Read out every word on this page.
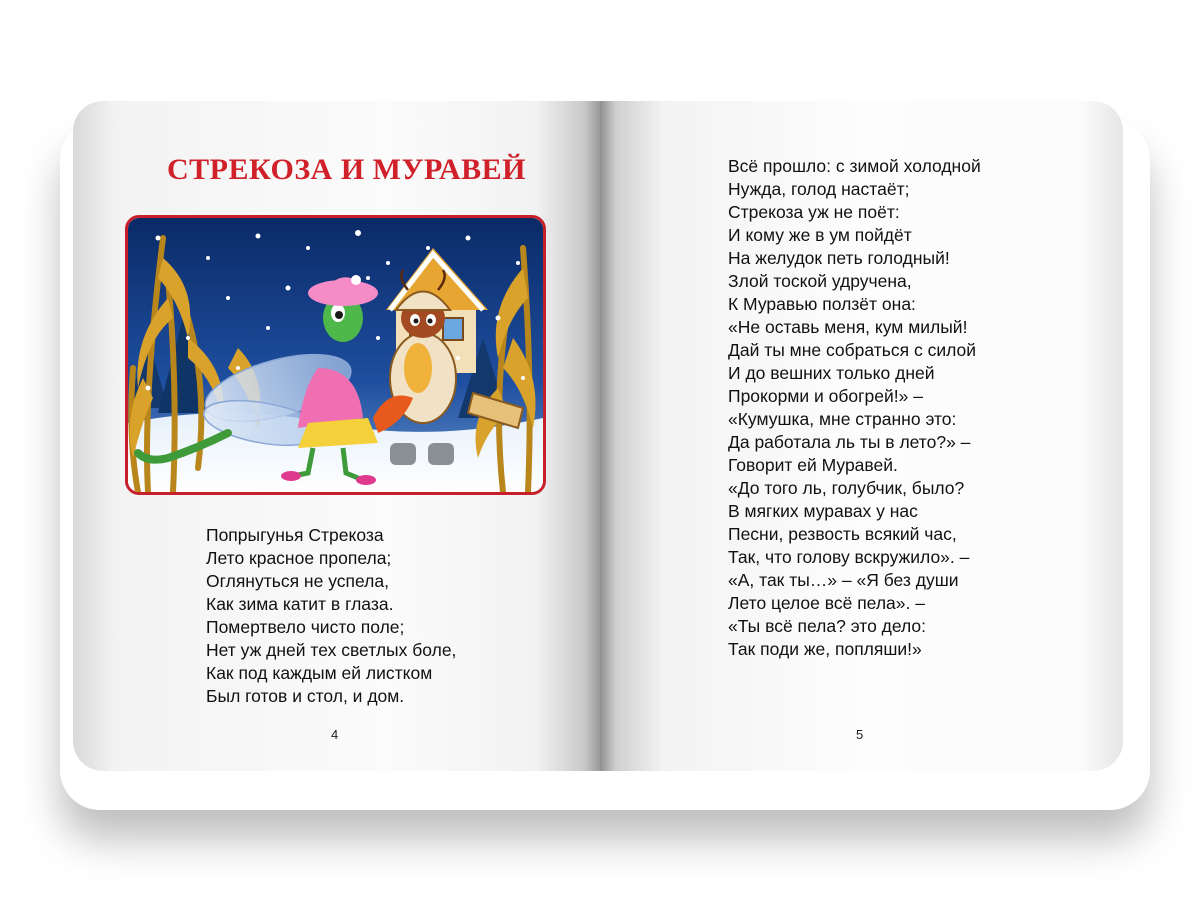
СТРЕКОЗА И МУРАВЕЙ
Попрыгунья Стрекоза
Лето красное пропела;
Оглянуться не успела,
Как зима катит в глаза.
Помертвело чисто поле;
Нет уж дней тех светлых боле,
Как под каждым ей листком
Был готов и стол, и дом.
4
Всё прошло: с зимой холодной
Нужда, голод настаёт;
Стрекоза уж не поёт:
И кому же в ум пойдёт
На желудок петь голодный!
Злой тоской удручена,
К Муравью ползёт она:
«Не оставь меня, кум милый!
Дай ты мне собраться с силой
И до вешних только дней
Прокорми и обогрей!» –
«Кумушка, мне странно это:
Да работала ль ты в лето?» –
Говорит ей Муравей.
«До того ль, голубчик, было?
В мягких муравах у нас
Песни, резвость всякий час,
Так, что голову вскружило». –
«А, так ты…» – «Я без души
Лето целое всё пела». –
«Ты всё пела? это дело:
Так поди же, попляши!»
5
